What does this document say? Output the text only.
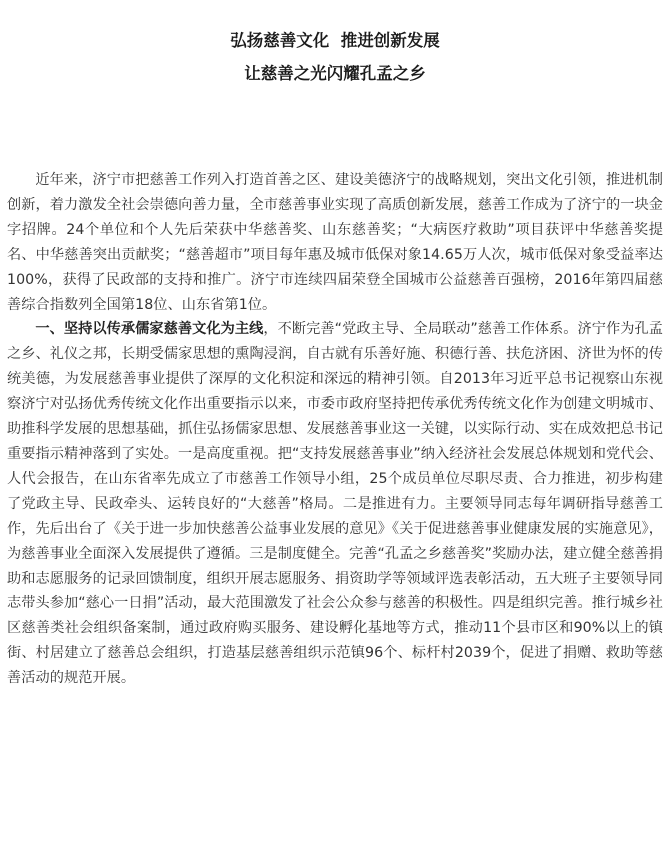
弘扬慈善文化  推进创新发展
让慈善之光闪耀孔孟之乡

近年来，济宁市把慈善工作列入打造首善之区、建设美德济宁的战略规划，突出文化引领，推进机制创新，着力激发全社会崇德向善力量，全市慈善事业实现了高质创新发展，慈善工作成为了济宁的一块金字招牌。24个单位和个人先后荣获中华慈善奖、山东慈善奖；“大病医疗救助”项目获评中华慈善奖提名、中华慈善突出贡献奖；“慈善超市”项目每年惠及城市低保对象14.65万人次，城市低保对象受益率达100%，获得了民政部的支持和推广。济宁市连续四届荣登全国城市公益慈善百强榜，2016年第四届慈善综合指数列全国第18位、山东省第1位。

一、坚持以传承儒家慈善文化为主线，不断完善“党政主导、全局联动”慈善工作体系。济宁作为孔孟之乡、礼仪之邦，长期受儒家思想的熏陶浸润，自古就有乐善好施、积德行善、扶危济困、济世为怀的传统美德，为发展慈善事业提供了深厚的文化积淀和深远的精神引领。自2013年习近平总书记视察山东视察济宁对弘扬优秀传统文化作出重要指示以来，市委市政府坚持把传承优秀传统文化作为创建文明城市、助推科学发展的思想基础，抓住弘扬儒家思想、发展慈善事业这一关键，以实际行动、实在成效把总书记重要指示精神落到了实处。一是高度重视。把“支持发展慈善事业”纳入经济社会发展总体规划和党代会、人代会报告，在山东省率先成立了市慈善工作领导小组，25个成员单位尽职尽责、合力推进，初步构建了党政主导、民政牵头、运转良好的“大慈善”格局。二是推进有力。主要领导同志每年调研指导慈善工作，先后出台了《关于进一步加快慈善公益事业发展的意见》《关于促进慈善事业健康发展的实施意见》，为慈善事业全面深入发展提供了遵循。三是制度健全。完善“孔孟之乡慈善奖”奖励办法，建立健全慈善捐助和志愿服务的记录回馈制度，组织开展志愿服务、捐资助学等领域评选表彰活动，五大班子主要领导同志带头参加“慈心一日捐”活动，最大范围激发了社会公众参与慈善的积极性。四是组织完善。推行城乡社区慈善类社会组织备案制，通过政府购买服务、建设孵化基地等方式，推动11个县市区和90%以上的镇街、村居建立了慈善总会组织，打造基层慈善组织示范镇96个、标杆村2039个，促进了捐赠、救助等慈善活动的规范开展。
